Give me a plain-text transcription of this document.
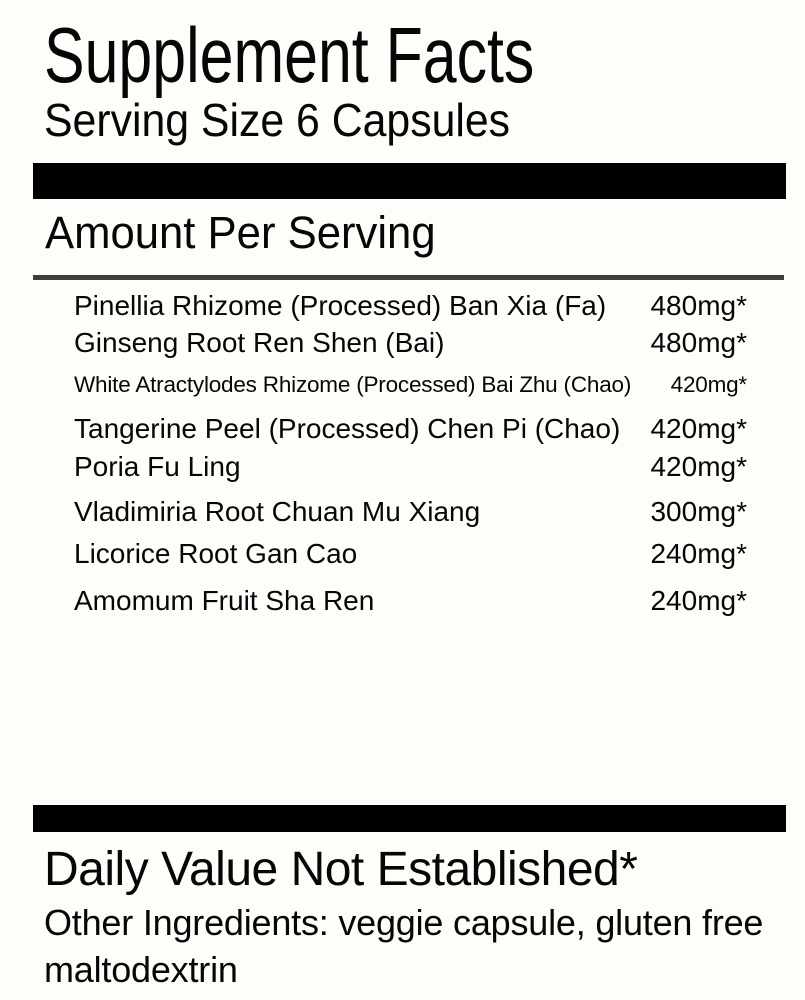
Supplement Facts
Serving Size 6 Capsules
Amount Per Serving
Pinellia Rhizome (Processed) Ban Xia (Fa) 480mg*
Ginseng Root Ren Shen (Bai)	480mg*
White Atractylodes Rhizome (Processed) Bai Zhu (Chao) 420mg*
Tangerine Peel (Processed) Chen Pi (Chao) 420mg*
Poria Fu Ling	420mg*
Vladimiria Root Chuan Mu Xiang	300mg*
Licorice Root Gan Cao	240mg*
Amomum Fruit Sha Ren	240mg*
Daily Value Not Established*
Other Ingredients: veggie capsule, gluten free maltodextrin
